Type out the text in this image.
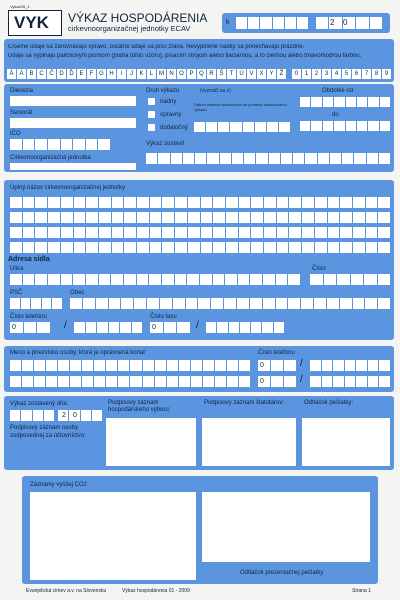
Vykaz05_1
VYK VÝKAZ HOSPODÁRENIA
cirkevnoorganizačnej jednotky ECAV
k	2 0
Číselné údaje sa zarovnávajú vpravo, ostatné údaje sa píšu zľava. Nevyplnené riadky sa ponechávajú prázdne.
Údaje sa vypĺňajú paličkovým písmom (podľa tohto vzoru), písacím strojom alebo tlačiarňou, a to čiernou alebo tmavomodrou farbou.
Á Ä B C Č D Ď E	F G H	I	J	K	L M N O P Q R Š	T	Ú V X Y	Ž	0	1	2	3	4	5	6	7	8	9
Diécezia
Seniorát
IČO
Cirkevnoorganizačná jednotka
Druh výkazu	(vyznačí sa x)
riadny
opravný
dodatočný
Dátum zistenia skutočnosti na podanie dodatočného výkazu
Obdobie od
do
Výkaz zostavil
Úplný názov cirkevnoorganizačnej jednotky
Adresa sídla
Ulica	Číslo
PSČ	Obec
Číslo telefónu
0	/
Číslo faxu
0	/
Meno a priezvisko osoby, ktorá je oprávnená konať	Číslo telefónu
0	/
0	/
Výkaz zostavený dňa:
2 0
Podpisový záznam osoby zodpovednej za účtovníctvo:
Podpisový záznam hospodárskeho výboru:
Podpisový záznam štatutárov:	Odtlačok pečiatky:
Záznamy vyššej COJ
Odtlačok prezentačnej pečiatky
Evanjelická cirkev a.v. na Slovensku	Výkaz hospodárenia 01 - 2009	Strana 1
